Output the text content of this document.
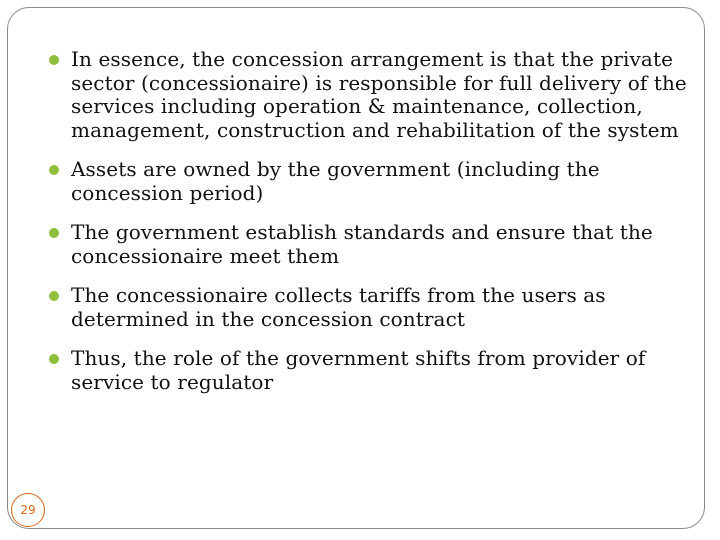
In essence, the concession arrangement is that the private sector (concessionaire) is responsible for full delivery of the services including operation & maintenance, collection, management, construction and rehabilitation of the system
Assets are owned by the government (including the concession period)
The government establish standards and ensure that the concessionaire meet them
The concessionaire collects tariffs from the users as determined in the concession contract
Thus, the role of the government shifts from provider of service to regulator
29
